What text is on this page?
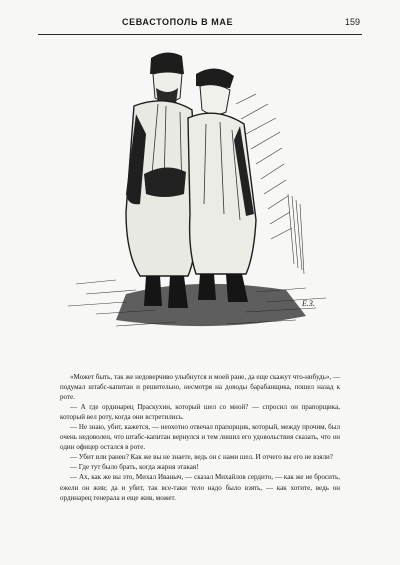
СЕВАСТОПОЛЬ В МАЕ	159
Е.З.

«Может быть, так же недоверчиво улыбнутся и моей ране, да еще скажут что-нибудь», — подумал штабс-капитан и решительно, несмотря на доводы барабанщика, пошел назад к роте.

— А где ординарец Праскухин, который шел со мной? — спросил он прапорщика, который вел роту, когда они встретились.

— Не знаю, убит, кажется, — неохотно отвечал прапорщик, который, между прочим, был очень недоволен, что штабс-капитан вернулся и тем лишил его удовольствия сказать, что он один офицер остался в роте.

— Убит или ранен? Как же вы не знаете, ведь он с нами шел. И отчего вы его не взяли?

— Где тут было брать, когда жарня этакая!

— Ах, как же вы это, Михал Иваныч, — сказал Михайлов сердито, — как же не бросить, ежели он жив; да и убит, так все-таки тело надо было взять, — как хотите, ведь он ординарец генерала и еще жив, может.
